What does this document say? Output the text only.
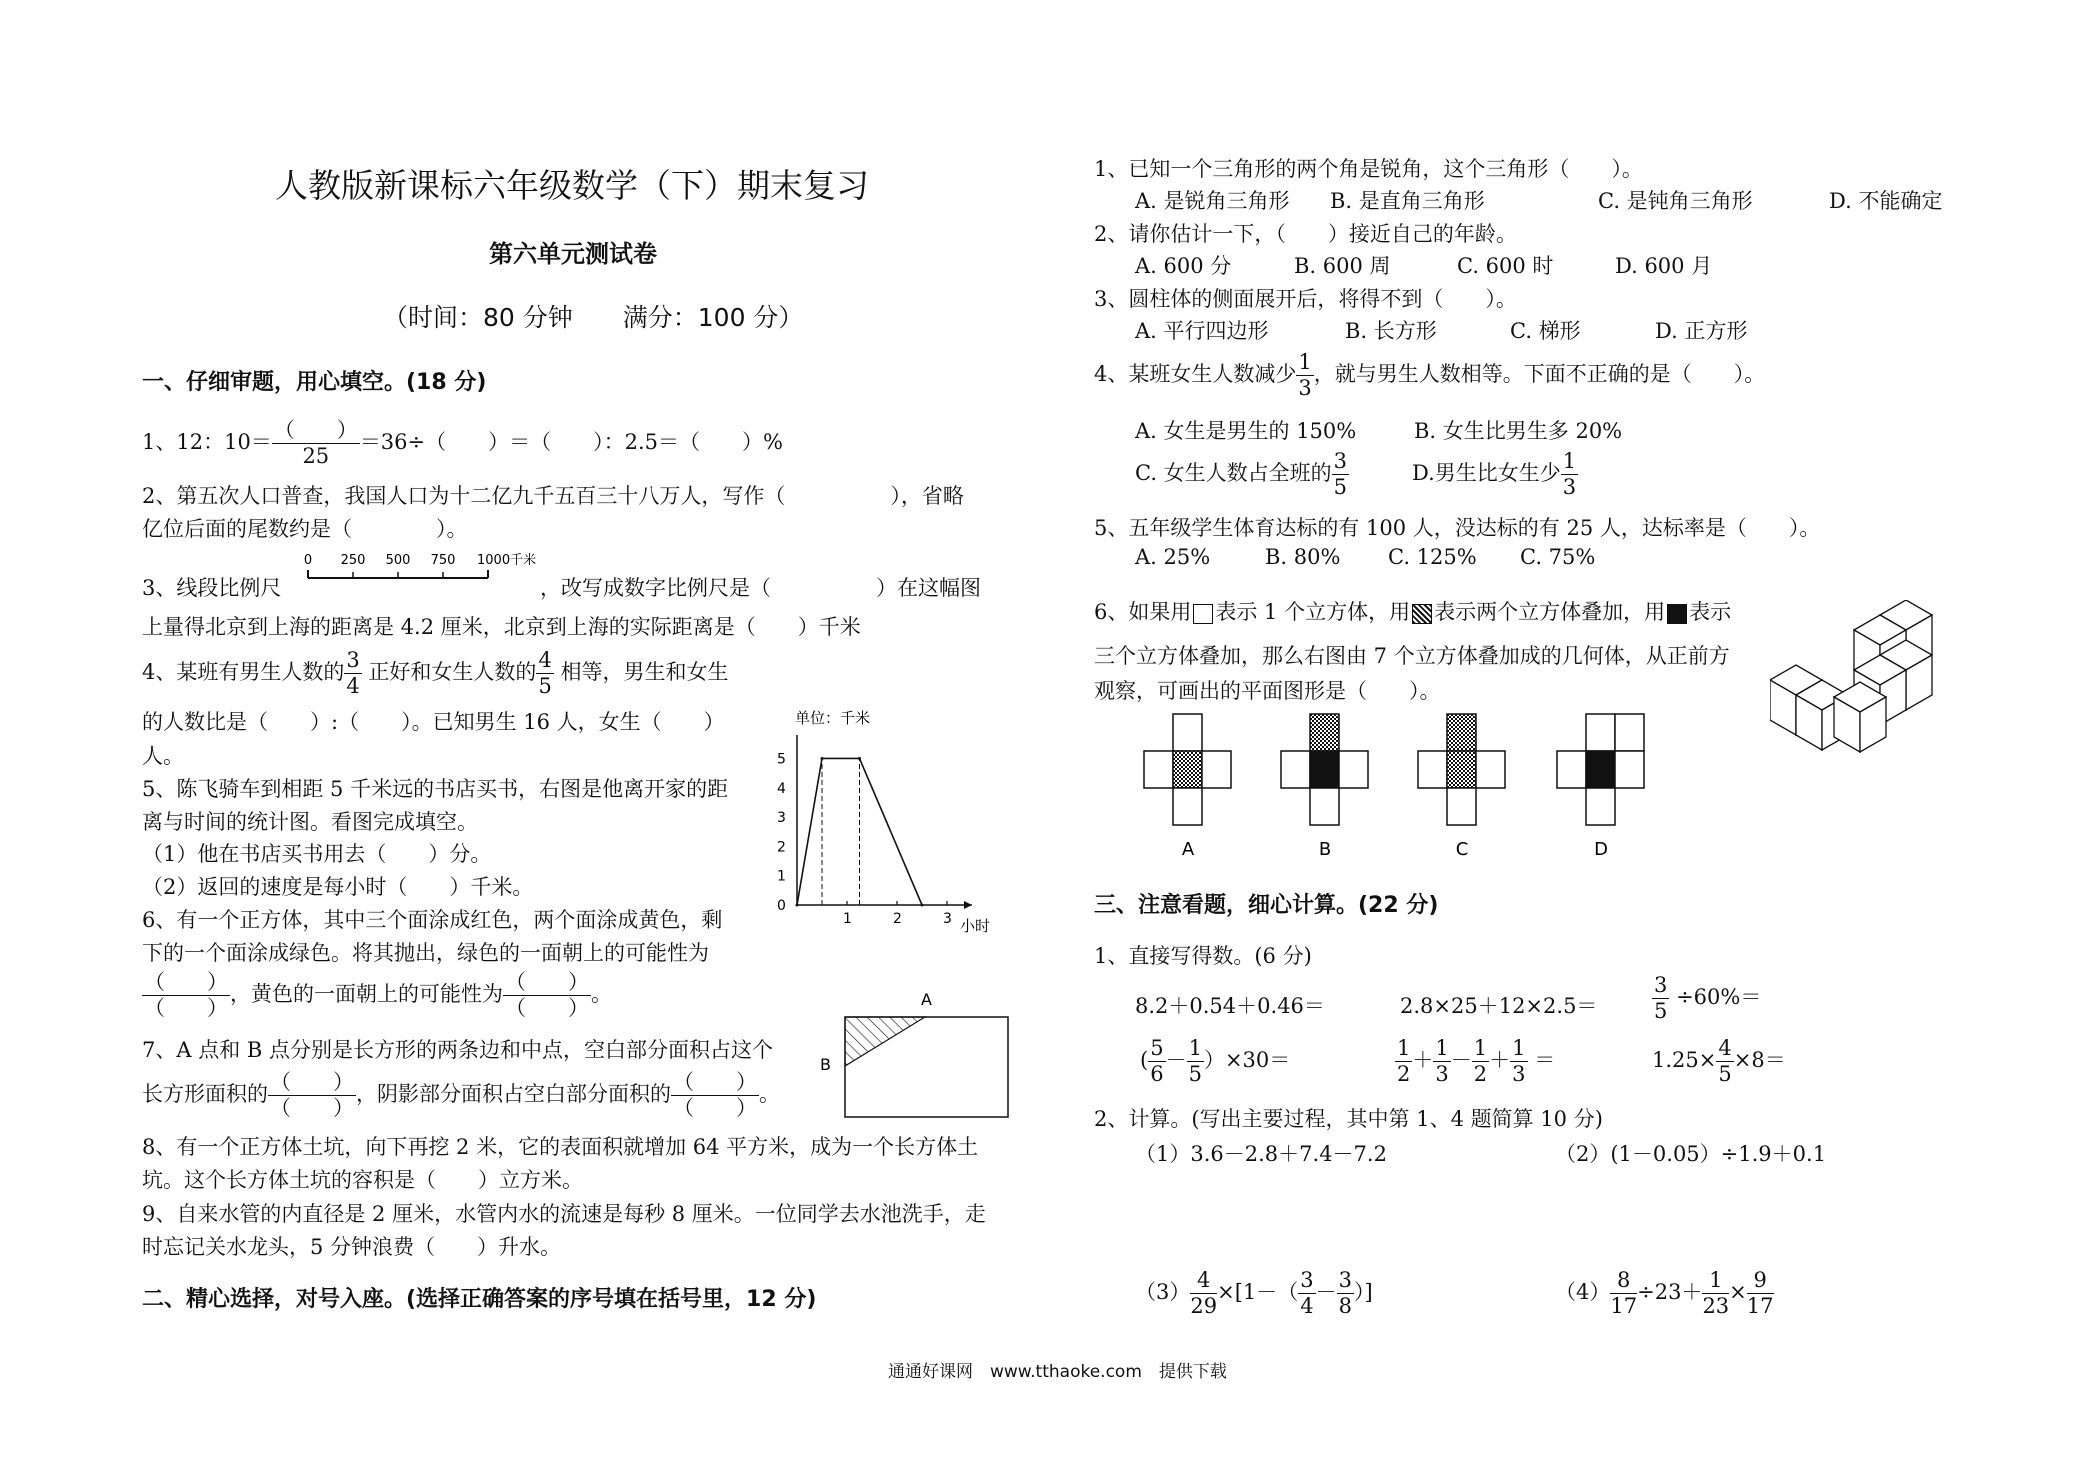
人教版新课标六年级数学（下）期末复习
第六单元测试卷
（时间：80 分钟　　满分：100 分）
一、仔细审题，用心填空。(18 分)
1、12：10＝ （　　）
25
＝36÷（　　）＝（　　）：2.5＝（　　）%
2、第五次人口普查，我国人口为十二亿九千五百三十八万人，写作（　　　　　），省略
亿位后面的尾数约是（　　　　）。
3、线段比例尺
0 250 500 750 1000千米
，改写成数字比例尺是（　　　　　）在这幅图
上量得北京到上海的距离是 4.2 厘米，北京到上海的实际距离是（　　）千米
4、某班有男生人数的 $\frac{3}{4}$ 正好和女生人数的 $\frac{4}{5}$ 相等，男生和女生
的人数比是（　　）:（　　）。已知男生 16 人，女生（　　）
人。
5、陈飞骑车到相距 5 千米远的书店买书，右图是他离开家的距
离与时间的统计图。看图完成填空。
（1）他在书店买书用去（　　）分。
（2）返回的速度是每小时（　　）千米。
单位：千米
小时
0
1
2
3
4
5
1	2	3
6、有一个正方体，其中三个面涂成红色，两个面涂成黄色，剩
下的一个面涂成绿色。将其抛出，绿色的一面朝上的可能性为
（　　）
（　　）
，黄色的一面朝上的可能性为 （　　）
（　　）
。
7、A 点和 B 点分别是长方形的两条边和中点，空白部分面积占这个
长方形面积的 （　　）
（　　）
，阴影部分面积占空白部分面积的 （　　）
（　　）
。
A
B
8、有一个正方体土坑，向下再挖 2 米，它的表面积就增加 64 平方米，成为一个长方体土
坑。这个长方体土坑的容积是（　　）立方米。
9、自来水管的内直径是 2 厘米，水管内水的流速是每秒 8 厘米。一位同学去水池洗手，走
时忘记关水龙头，5 分钟浪费（　　）升水。
二、精心选择，对号入座。(选择正确答案的序号填在括号里，12 分)
1、已知一个三角形的两个角是锐角，这个三角形（　　）。
A. 是锐角三角形 B. 是直角三角形	C. 是钝角三角形	D. 不能确定
2、请你估计一下，（　　）接近自己的年龄。
A. 600 分	B. 600 周	C. 600 时	D. 600 月
3、圆柱体的侧面展开后，将得不到（　　）。
A. 平行四边形	B. 长方形	C. 梯形	D. 正方形
4、某班女生人数减少 $\frac{1}{3}$ ，就与男生人数相等。下面不正确的是（　　）。
A. 女生是男生的 150%	B. 女生比男生多 20%
C. 女生人数占全班的 $\frac{3}{5}$	D.男生比女生少 $\frac{1}{3}$
5、五年级学生体育达标的有 100 人，没达标的有 25 人，达标率是（　　）。
A. 25%	B. 80% C. 125% C. 75%
6、如果用 表示 1 个立方体，用 表示两个立方体叠加，用 表示
三个立方体叠加，那么右图由 7 个立方体叠加成的几何体，从正前方
观察，可画出的平面图形是（　　）。
A	B	C	D
三、注意看题，细心计算。(22 分)
1、直接写得数。(6 分)
8.2＋0.54＋0.46＝	2.8×25＋12×2.5＝	$\frac{3}{5} \div 60\%=$
( $\frac{5}{6} - \frac{1}{5} )\times 30=$	$\frac{1}{2} + \frac{1}{3} - \frac{1}{2} + \frac{1}{3}$ ＝	$1.25\times \frac{4}{5} \times 8=$
2、计算。(写出主要过程，其中第 1、4 题简算 10 分)
（1）3.6－2.8＋7.4－7.2	（2）(1－0.05）÷1.9＋0.1
$(3) \frac{4}{29} \times[1-( \frac{3}{4} - \frac{3}{8}$ ）]	$(4) \frac{8}{17} \div 23+ \frac{1}{23} \times \frac{9}{17}$
通通好课网　www.tthaoke.com　提供下载
